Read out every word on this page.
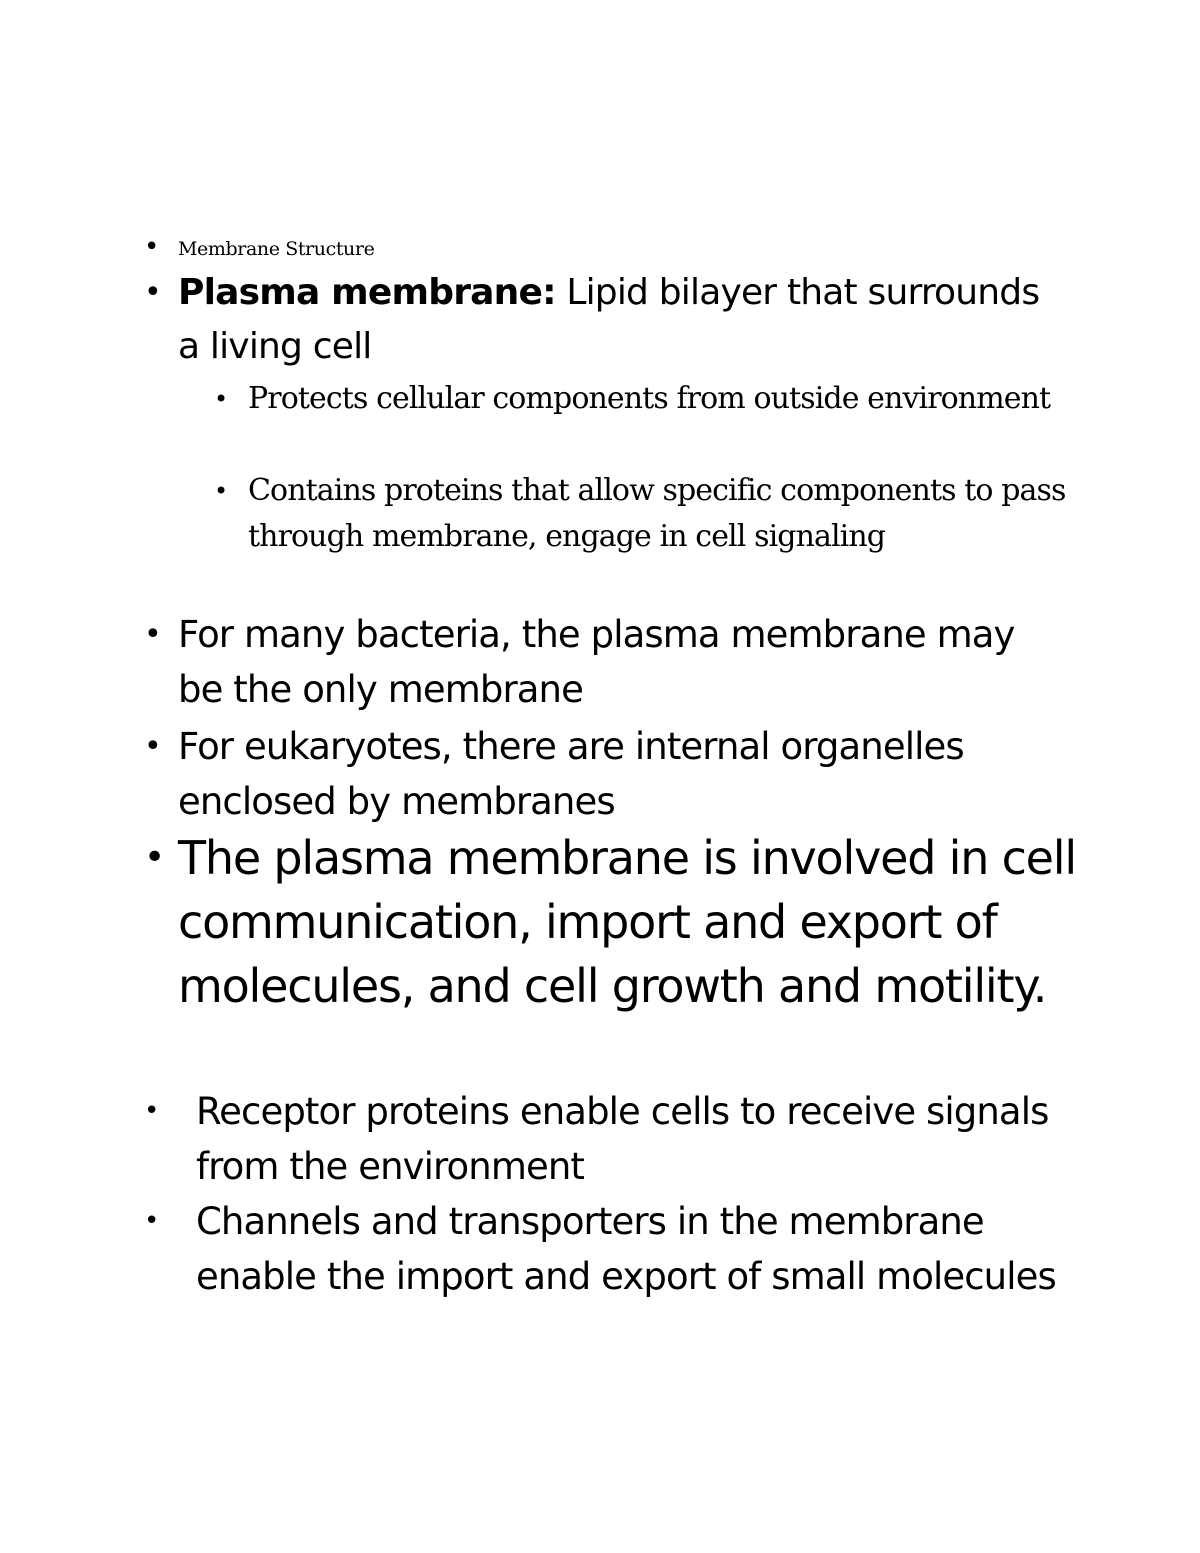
• Membrane Structure
• Plasma membrane: Lipid bilayer that surrounds a living cell
• Protects cellular components from outside environment
• Contains proteins that allow specific components to pass through membrane, engage in cell signaling
• For many bacteria, the plasma membrane may be the only membrane
• For eukaryotes, there are internal organelles enclosed by membranes
• The plasma membrane is involved in cell communication, import and export of molecules, and cell growth and motility.
• Receptor proteins enable cells to receive signals from the environment
• Channels and transporters in the membrane enable the import and export of small molecules
